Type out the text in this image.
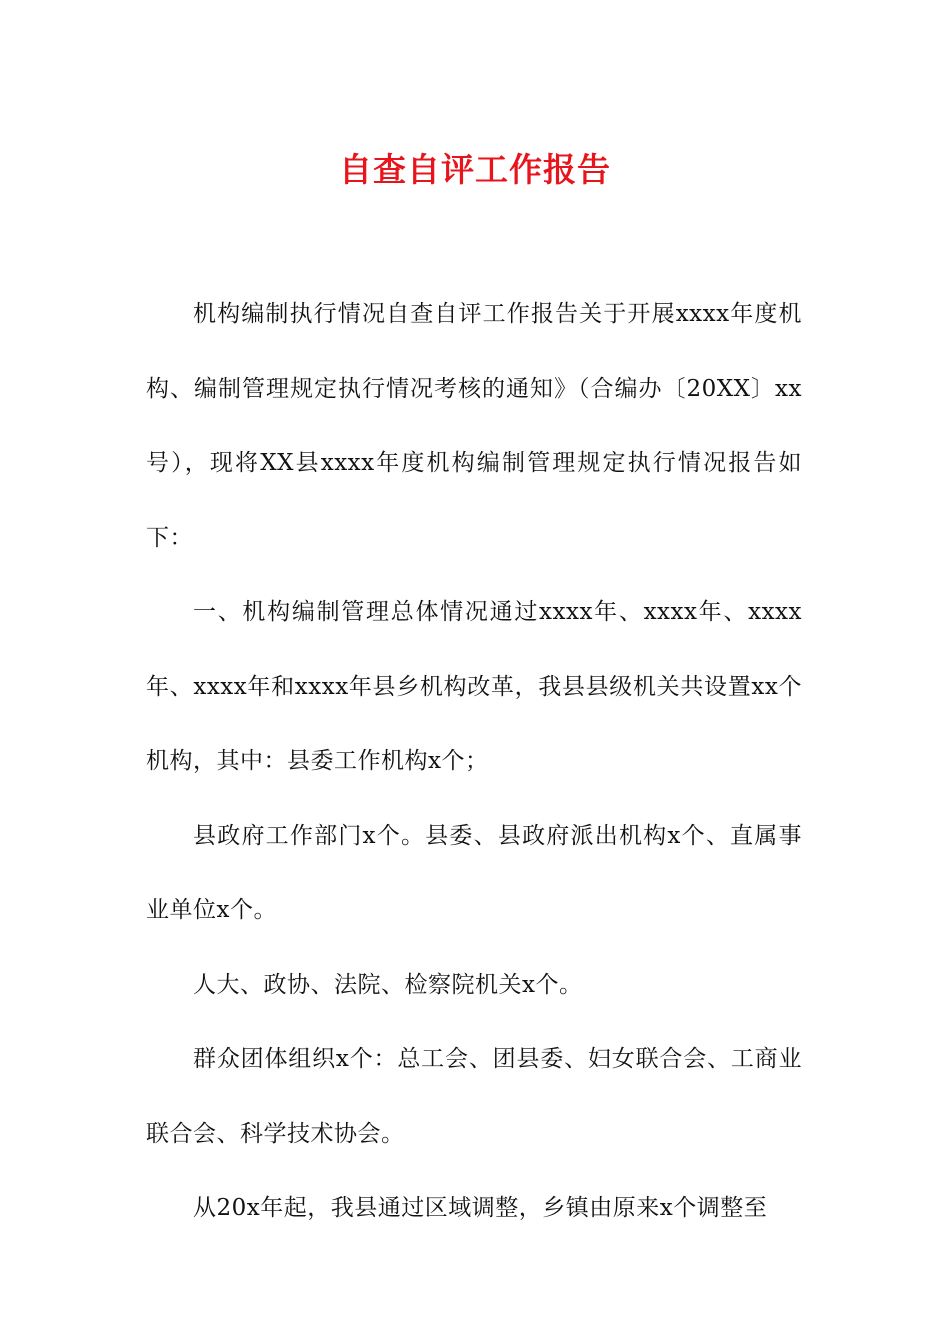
自查自评工作报告

机构编制执行情况自查自评工作报告关于开展xxxx年度机构、编制管理规定执行情况考核的通知》（合编办〔20XX〕xx号），现将XX县xxxx年度机构编制管理规定执行情况报告如下：

一、机构编制管理总体情况通过xxxx年、xxxx年、xxxx年、xxxx年和xxxx年县乡机构改革，我县县级机关共设置xx个机构，其中：县委工作机构x个；

县政府工作部门x个。县委、县政府派出机构x个、直属事业单位x个。

人大、政协、法院、检察院机关x个。

群众团体组织x个：总工会、团县委、妇女联合会、工商业联合会、科学技术协会。

从20x年起，我县通过区域调整，乡镇由原来x个调整至
